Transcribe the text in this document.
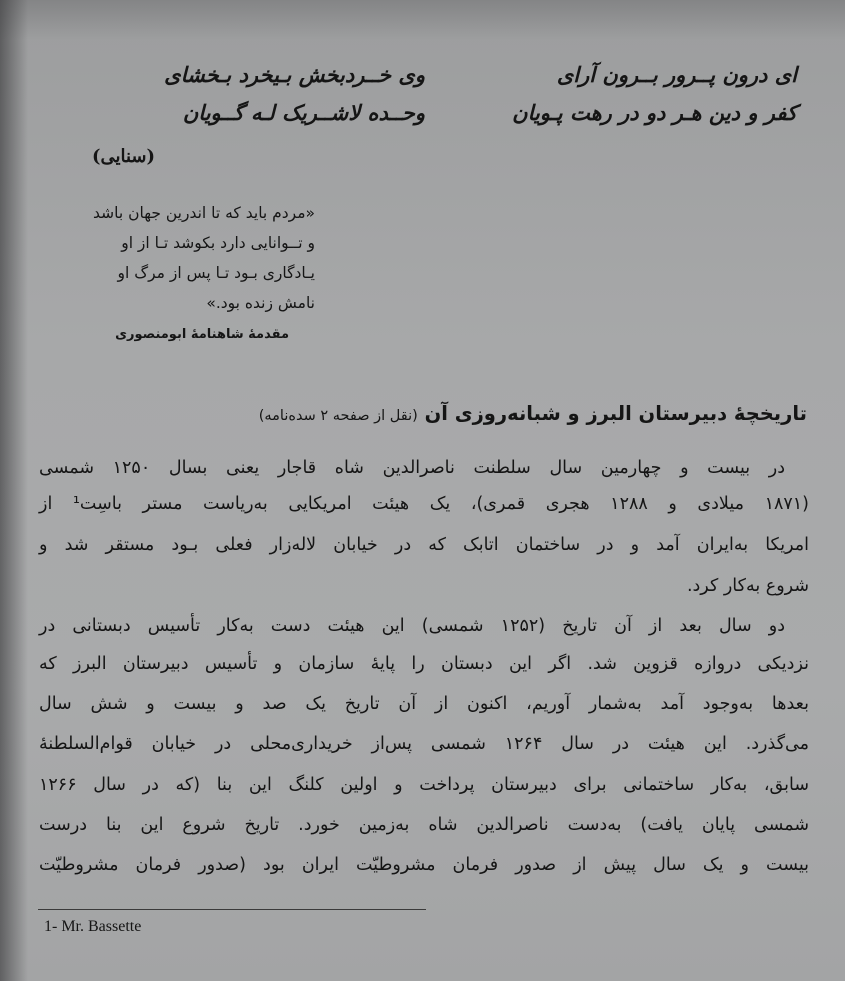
ای درون پــرور بــرون آرای
وی خــردبخش بـیخرد بـخشای
کفر و دین هـر دو در رهت پـویان
وحــده لاشــریک لـه گــویان
(سنایی)
«مردم باید که تا اندرین جهان باشد
و تــوانایی دارد بکوشد تـا از او
یـادگاری بـود تـا پس از مرگ او
نامش زنده بود.»
مقدمهٔ شاهنامهٔ ابومنصوری
تاریخچهٔ دبیرستان البرز و شبانه‌روزی آن (نقل از صفحه ۲ سده‌نامه)
در بیست و چهارمین سال سلطنت ناصرالدین شاه قاجار یعنی بسال ۱۲۵۰ شمسی
(۱۸۷۱ میلادی و ۱۲۸۸ هجری قمری)، یک هیئت امریکایی به‌ریاست مستر باسِت¹ از
امریکا به‌ایران آمد و در ساختمان اتابک که در خیابان لاله‌زار فعلی بـود مستقر شد و
شروع به‌کار کرد.
دو سال بعد از آن تاریخ (۱۲۵۲ شمسی) این هیئت دست به‌کار تأسیس دبستانی در
نزدیکی دروازه قزوین شد. اگر این دبستان را پایهٔ سازمان و تأسیس دبیرستان البرز که
بعدها به‌وجود آمد به‌شمار آوریم، اکنون از آن تاریخ یک صد و بیست و شش سال
می‌گذرد. این هیئت در سال ۱۲۶۴ شمسی پس‌از خریداری‌محلی در خیابان قوام‌السلطنهٔ
سابق، به‌کار ساختمانی برای دبیرستان پرداخت و اولین کلنگ این بنا (که در سال ۱۲۶۶
شمسی پایان یافت) به‌دست ناصرالدین شاه به‌زمین خورد. تاریخ شروع این بنا درست
بیست و یک سال پیش از صدور فرمان مشروطیّت ایران بود (صدور فرمان مشروطیّت
1- Mr. Bassette
